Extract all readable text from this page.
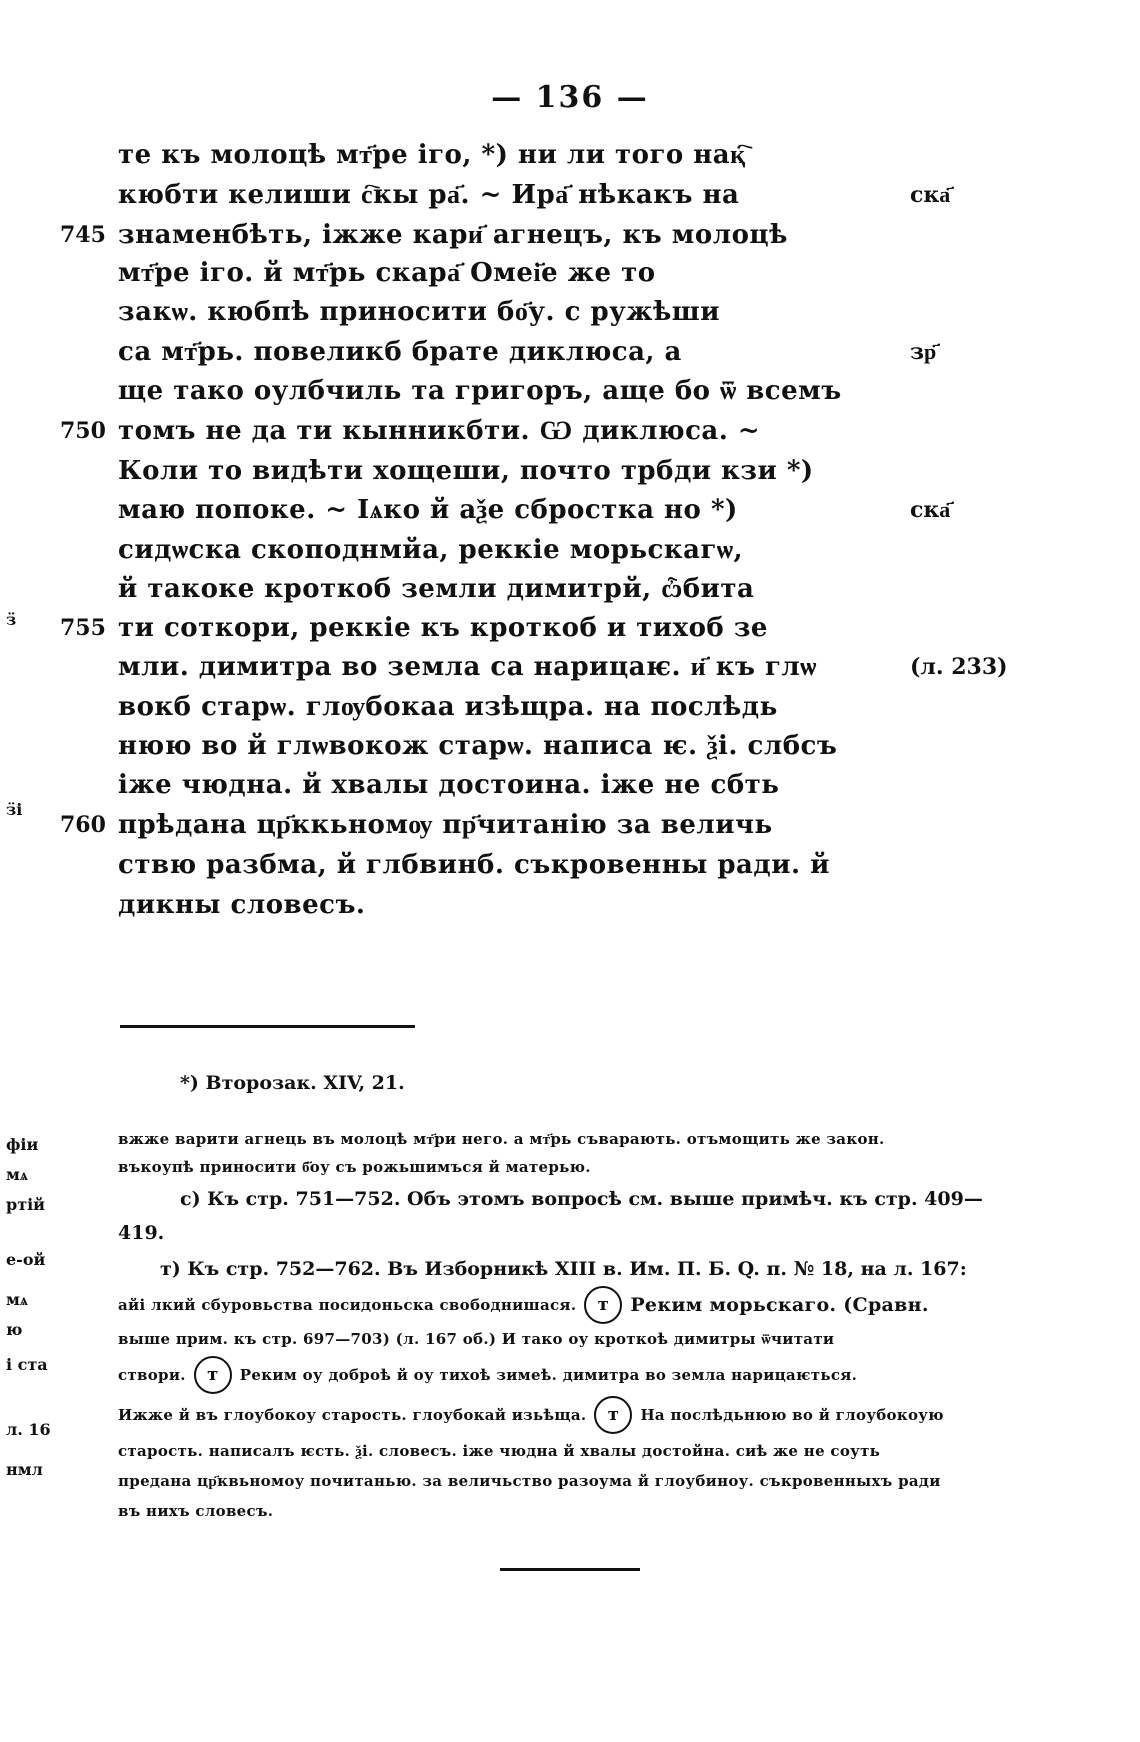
— 136 —
те къ молоцѣ мт҃ре іго, *) ни ли того нақ҇
кюбти келиши с҇кы ра҃. ~ Ира҃ нѣкакъ на
знаменбѣть, іжже кари҃ агнецъ, къ молоцѣ
мт҃ре іго. й мт҃рь скара҃ Омеі҃е же то
закѡ. кюбпѣ приносити бо҃у. с ружѣши
са мт҃рь. повеликб брате диклюса, а
ще тако оулбчиль та григоръ, аще бо ѿ всемъ
томъ не да ти кынникбти. Ѡ диклюса. ~
Коли то видѣти хощеши, почто трбди кзи *)
маю попоке. ~ Іѧко й аѯе сбростка но *)
сидѡска скоподнмйа, реккіе морьскагѡ,
й такоке кроткоб земли димитрй, ѽбита
ти соткори, реккіе къ кроткоб и тихоб зе
мли. димитра во земла са нарицаѥ. и҃ къ глѡ
вокб старѡ. глѹбокаа изѣщра. на послѣдь
нюю во й глѡвокож старѡ. написа ѥ. ѯі. слбсъ
іже чюдна. й хвалы достоина. іже не сбть
прѣдана цр҃ккьномѹ пр҃читанію за величь
ствю разбма, й глбвинб. съкровенны ради. й
дикны словесъ.
745
750
755
760
ска҃
зр҃
ска҃
(л. 233)
ӟ
ӟі
фіи
мѧ
ртій
е-ой
мѧ
ю
і ста
л. 16
нмл
*) Второзак. XIV, 21.
вжже варити агнець въ молоцѣ мт҃ри него. а мт҃рь съварають. отъмощить же закон.
въкоупѣ приносити б҃оу съ рожьшимъся й матерью.
с) Къ стр. 751—752. Объ этомъ вопросѣ см. выше примѣч. къ стр. 409—
419.
т) Къ стр. 752—762. Въ Изборникѣ XIII в. Им. П. Б. Q. п. № 18, на л. 167:
айі лкий сбуровьства посидоньска свободнишася.	т	Реким морьскаго. (Сравн.
выше прим. къ стр. 697—703) (л. 167 об.) И тако оу кроткоѣ димитры ѿчитати
створи.	т	Реким оу доброѣ й оу тихоѣ зимеѣ. димитра во земла нарицаѥться.
Ижже й въ глоубокоу старость. глоубокай изьѣща.	т	На послѣдьнюю во й глоубокоую
старость. написалъ ѥсть. ѯі. словесъ. іже чюдна й хвалы достойна. сиѣ же не соуть
предана цр҃квьномоу почитанью. за величьство разоума й глоубиноу. съкровенныхъ ради
въ нихъ словесъ.
